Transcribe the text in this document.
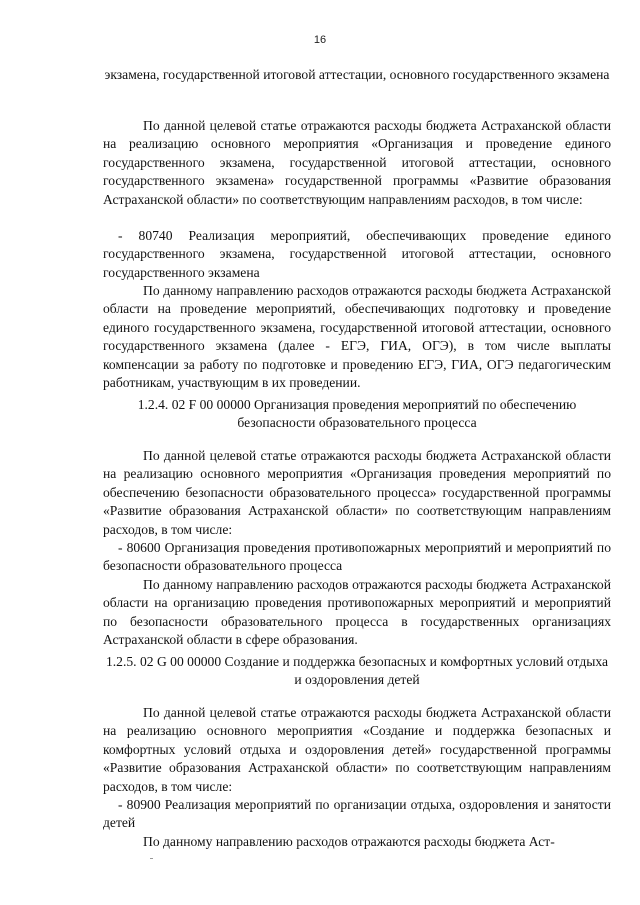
16
экзамена, государственной итоговой аттестации, основного государственного экзамена
По данной целевой статье отражаются расходы бюджета Астраханской области на реализацию основного мероприятия «Организация и проведение единого государственного экзамена, государственной итоговой аттестации, основного государственного экзамена» государственной программы «Развитие образования Астраханской области» по соответствующим направлениям расходов, в том числе:
- 80740 Реализация мероприятий, обеспечивающих проведение единого государственного экзамена, государственной итоговой аттестации, основного государственного экзамена
По данному направлению расходов отражаются расходы бюджета Астраханской области на проведение мероприятий, обеспечивающих подготовку и проведение единого государственного экзамена, государственной итоговой аттестации, основного государственного экзамена (далее - ЕГЭ, ГИА, ОГЭ), в том числе выплаты компенсации за работу по подготовке и проведению ЕГЭ, ГИА, ОГЭ педагогическим работникам, участвующим в их проведении.
1.2.4. 02 F 00 00000 Организация проведения мероприятий по обеспечению безопасности образовательного процесса
По данной целевой статье отражаются расходы бюджета Астраханской области на реализацию основного мероприятия «Организация проведения мероприятий по обеспечению безопасности образовательного процесса» государственной программы «Развитие образования Астраханской области» по соответствующим направлениям расходов, в том числе:
- 80600 Организация проведения противопожарных мероприятий и мероприятий по безопасности образовательного процесса
По данному направлению расходов отражаются расходы бюджета Астраханской области на организацию проведения противопожарных мероприятий и мероприятий по безопасности образовательного процесса в государственных организациях Астраханской области в сфере образования.
1.2.5. 02 G 00 00000 Создание и поддержка безопасных и комфортных условий отдыха и оздоровления детей
По данной целевой статье отражаются расходы бюджета Астраханской области на реализацию основного мероприятия «Создание и поддержка безопасных и комфортных условий отдыха и оздоровления детей» государственной программы «Развитие образования Астраханской области» по соответствующим направлениям расходов, в том числе:
- 80900 Реализация мероприятий по организации отдыха, оздоровления и занятости детей
По данному направлению расходов отражаются расходы бюджета Аст-
